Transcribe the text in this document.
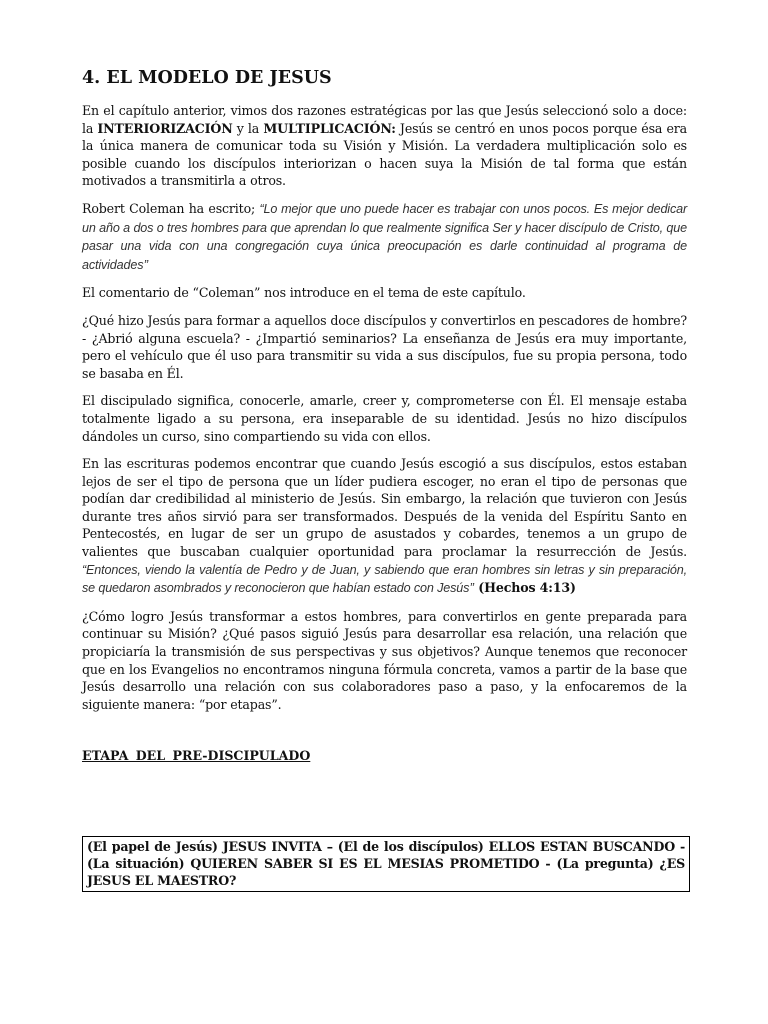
4. EL MODELO DE JESUS

En el capítulo anterior, vimos dos razones estratégicas por las que Jesús seleccionó solo a doce: la INTERIORIZACIÓN y la MULTIPLICACIÓN: Jesús se centró en unos pocos porque ésa era la única manera de comunicar toda su Visión y Misión. La verdadera multiplicación solo es posible cuando los discípulos interiorizan o hacen suya la Misión de tal forma que están motivados a transmitirla a otros.

Robert Coleman ha escrito; “Lo mejor que uno puede hacer es trabajar con unos pocos. Es mejor dedicar un año a dos o tres hombres para que aprendan lo que realmente significa Ser y hacer discípulo de Cristo, que pasar una vida con una congregación cuya única preocupación es darle continuidad al programa de actividades’’

El comentario de “Coleman” nos introduce en el tema de este capítulo.

¿Qué hizo Jesús para formar a aquellos doce discípulos y convertirlos en pescadores de hombre? - ¿Abrió alguna escuela? - ¿Impartió seminarios? La enseñanza de Jesús era muy importante, pero el vehículo que él uso para transmitir su vida a sus discípulos, fue su propia persona, todo se basaba en Él.

El discipulado significa, conocerle, amarle, creer y, comprometerse con Él. El mensaje estaba totalmente ligado a su persona, era inseparable de su identidad. Jesús no hizo discípulos dándoles un curso, sino compartiendo su vida con ellos.

En las escrituras podemos encontrar que cuando Jesús escogió a sus discípulos, estos estaban lejos de ser el tipo de persona que un líder pudiera escoger, no eran el tipo de personas que podían dar credibilidad al ministerio de Jesús. Sin embargo, la relación que tuvieron con Jesús durante tres años sirvió para ser transformados. Después de la venida del Espíritu Santo en Pentecostés, en lugar de ser un grupo de asustados y cobardes, tenemos a un grupo de valientes que buscaban cualquier oportunidad para proclamar la resurrección de Jesús. “Entonces, viendo la valentía de Pedro y de Juan, y sabiendo que eran hombres sin letras y sin preparación, se quedaron asombrados y reconocieron que habían estado con Jesús’’ (Hechos 4:13)

¿Cómo logro Jesús transformar a estos hombres, para convertirlos en gente preparada para continuar su Misión? ¿Qué pasos siguió Jesús para desarrollar esa relación, una relación que propiciaría la transmisión de sus perspectivas y sus objetivos? Aunque tenemos que reconocer que en los Evangelios no encontramos ninguna fórmula concreta, vamos a partir de la base que Jesús desarrollo una relación con sus colaboradores paso a paso, y la enfocaremos de la siguiente manera: “por etapas”.

ETAPA DEL PRE-DISCIPULADO
(El papel de Jesús) JESUS INVITA – (El de los discípulos) ELLOS ESTAN BUSCANDO - (La situación) QUIEREN SABER SI ES EL MESIAS PROMETIDO - (La pregunta) ¿ES JESUS EL MAESTRO?
